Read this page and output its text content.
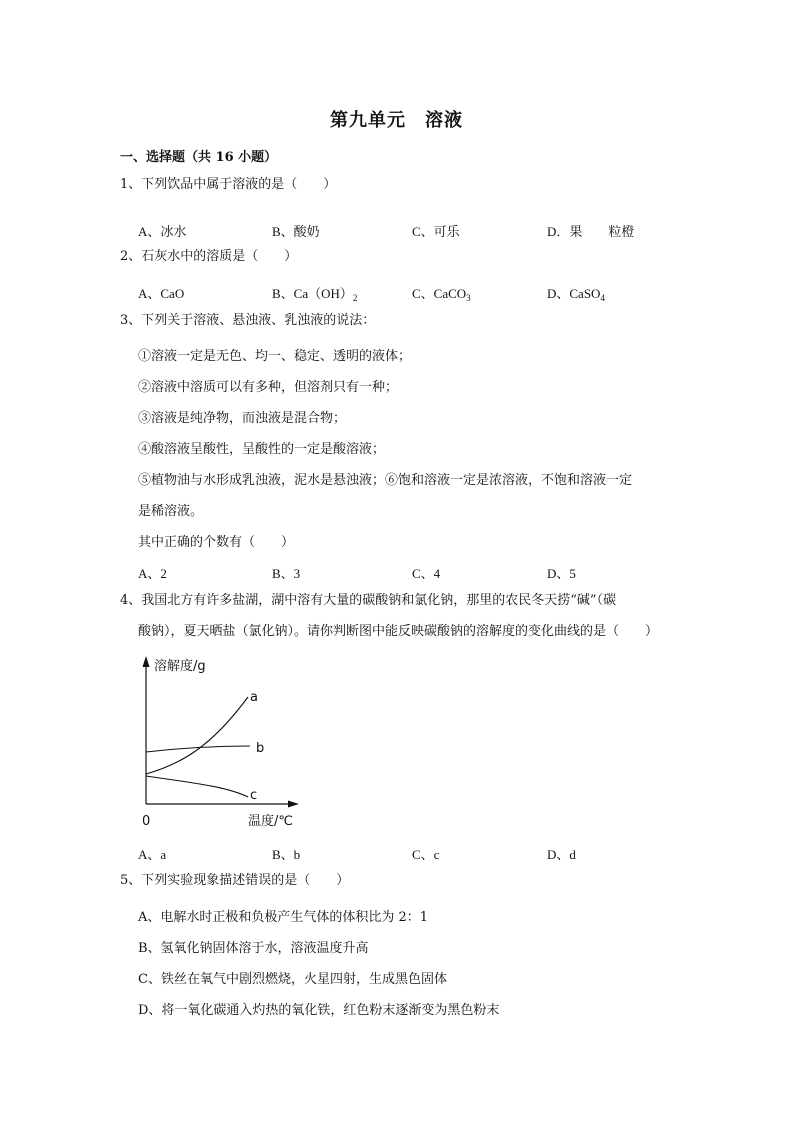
第九单元　溶液
一、选择题（共 16 小题）
1、下列饮品中属于溶液的是（　　）
A、冰水	B、酸奶	C、可乐	D．果　　粒橙
2、石灰水中的溶质是（　　）
A、CaO	B、$Ca(OH)_2$	C、CaCO$_3$	D、CaSO$_4$
3、下列关于溶液、悬浊液、乳浊液的说法：
①溶液一定是无色、均一、稳定、透明的液体；
②溶液中溶质可以有多种，但溶剂只有一种；
③溶液是纯净物，而浊液是混合物；
④酸溶液呈酸性，呈酸性的一定是酸溶液；
⑤植物油与水形成乳浊液，泥水是悬浊液；⑥饱和溶液一定是浓溶液，不饱和溶液一定
是稀溶液。
其中正确的个数有（　　）
A、2	B、3	C、4	D、5
4、我国北方有许多盐湖，湖中溶有大量的碳酸钠和氯化钠，那里的农民冬天捞“碱”（碳
酸钠），夏天晒盐（氯化钠）。请你判断图中能反映碳酸钠的溶解度的变化曲线的是（　　）
溶解度/g
a
b
c
0	温度/℃
A、a	B、b	C、c	D、d
5、下列实验现象描述错误的是（　　）
A、电解水时正极和负极产生气体的体积比为 2：1
B、氢氧化钠固体溶于水，溶液温度升高
C、铁丝在氧气中剧烈燃烧，火星四射，生成黑色固体
D、将一氧化碳通入灼热的氧化铁，红色粉末逐渐变为黑色粉末
